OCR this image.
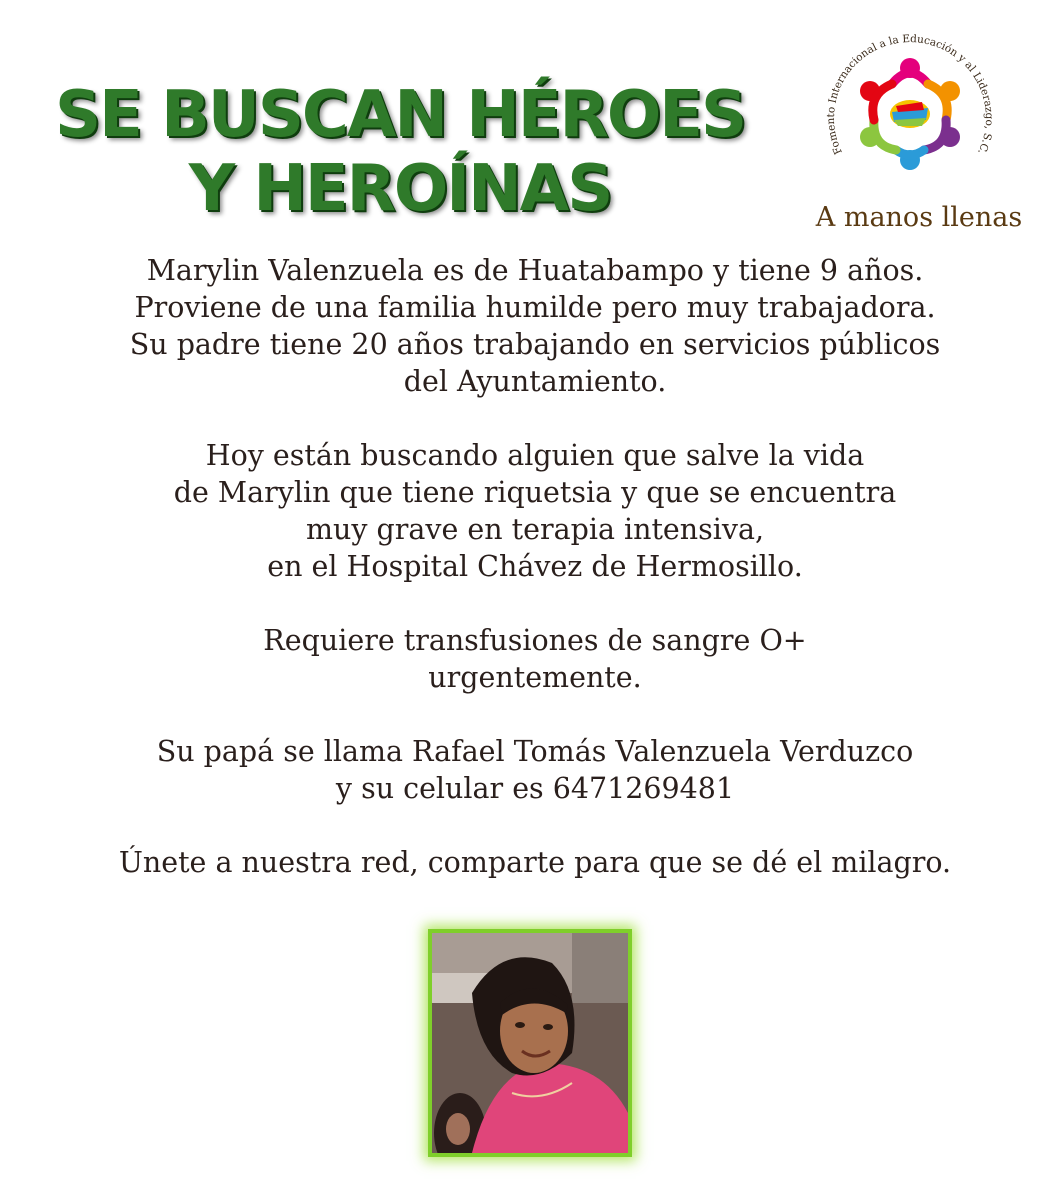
SE BUSCAN HÉROES
Y HEROÍNAS
Fomento Internacional a la Educación y al Liderazgo, S.C.
A manos llenas
Marylin Valenzuela es de Huatabampo y tiene 9 años.
Proviene de una familia humilde pero muy trabajadora.
Su padre tiene 20 años trabajando en servicios públicos
del Ayuntamiento.
Hoy están buscando alguien que salve la vida
de Marylin que tiene riquetsia y que se encuentra
muy grave en terapia intensiva,
en el Hospital Chávez de Hermosillo.
Requiere transfusiones de sangre O+
urgentemente.
Su papá se llama Rafael Tomás Valenzuela Verduzco
y su celular es 6471269481
Únete a nuestra red, comparte para que se dé el milagro.
